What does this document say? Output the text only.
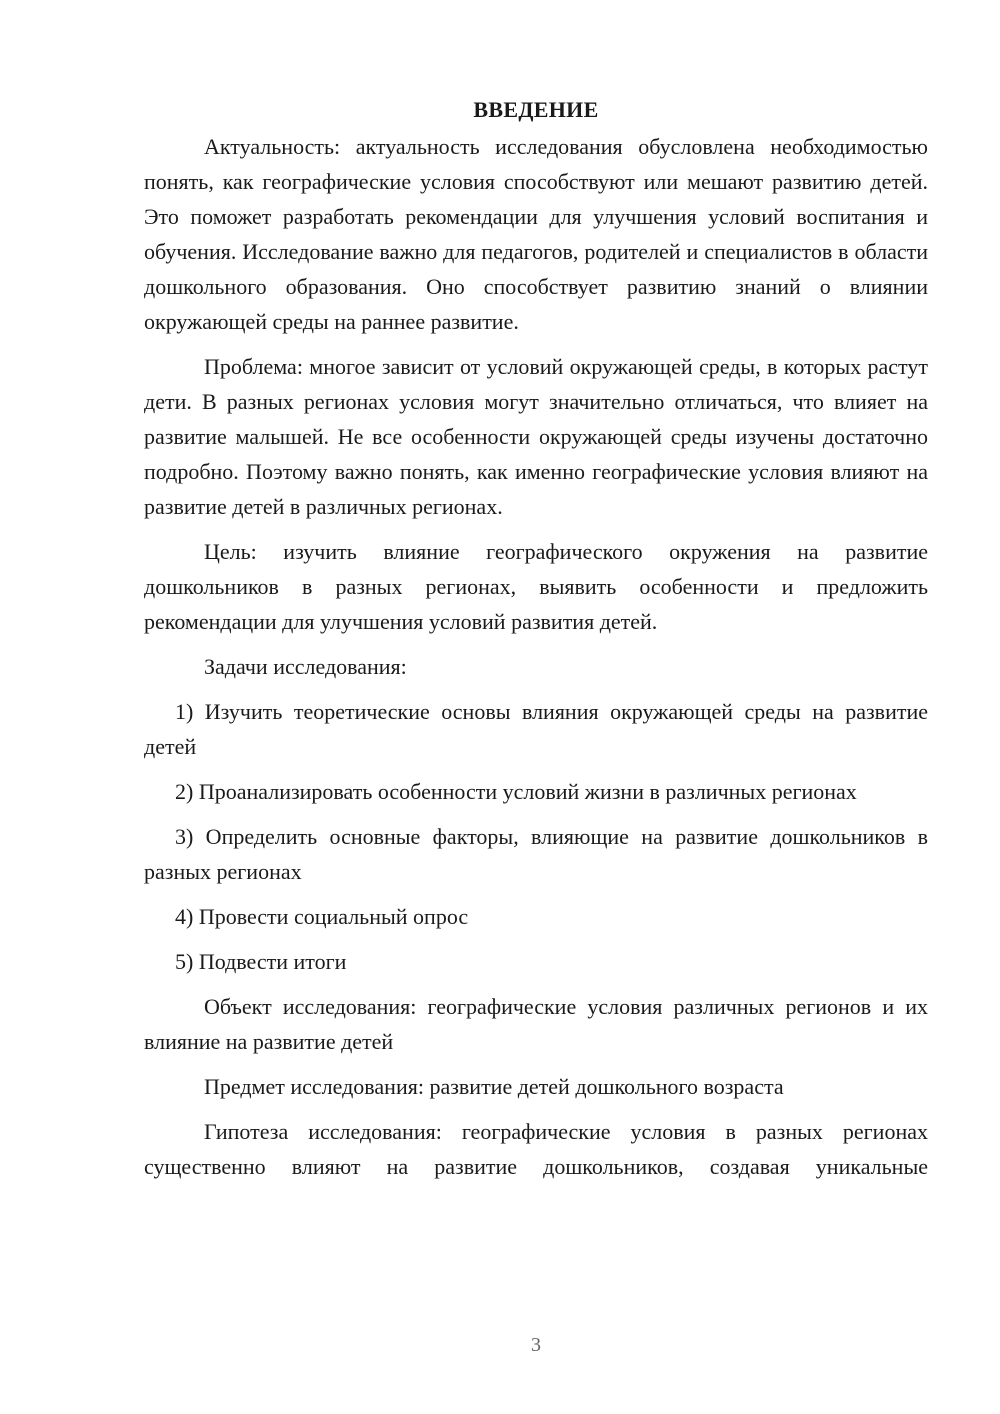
ВВЕДЕНИЕ

Актуальность: актуальность исследования обусловлена необходимостью понять, как географические условия способствуют или мешают развитию детей. Это поможет разработать рекомендации для улучшения условий воспитания и обучения. Исследование важно для педагогов, родителей и специалистов в области дошкольного образования. Оно способствует развитию знаний о влиянии окружающей среды на раннее развитие.

Проблема: многое зависит от условий окружающей среды, в которых растут дети. В разных регионах условия могут значительно отличаться, что влияет на развитие малышей. Не все особенности окружающей среды изучены достаточно подробно. Поэтому важно понять, как именно географические условия влияют на развитие детей в различных регионах.

Цель: изучить влияние географического окружения на развитие дошкольников в разных регионах, выявить особенности и предложить рекомендации для улучшения условий развития детей.

Задачи исследования:

1) Изучить теоретические основы влияния окружающей среды на развитие детей

2) Проанализировать особенности условий жизни в различных регионах

3) Определить основные факторы, влияющие на развитие дошкольников в разных регионах

4) Провести социальный опрос

5) Подвести итоги

Объект исследования: географические условия различных регионов и их влияние на развитие детей

Предмет исследования: развитие детей дошкольного возраста

Гипотеза исследования: географические условия в разных регионах существенно влияют на развитие дошкольников, создавая уникальные

3
